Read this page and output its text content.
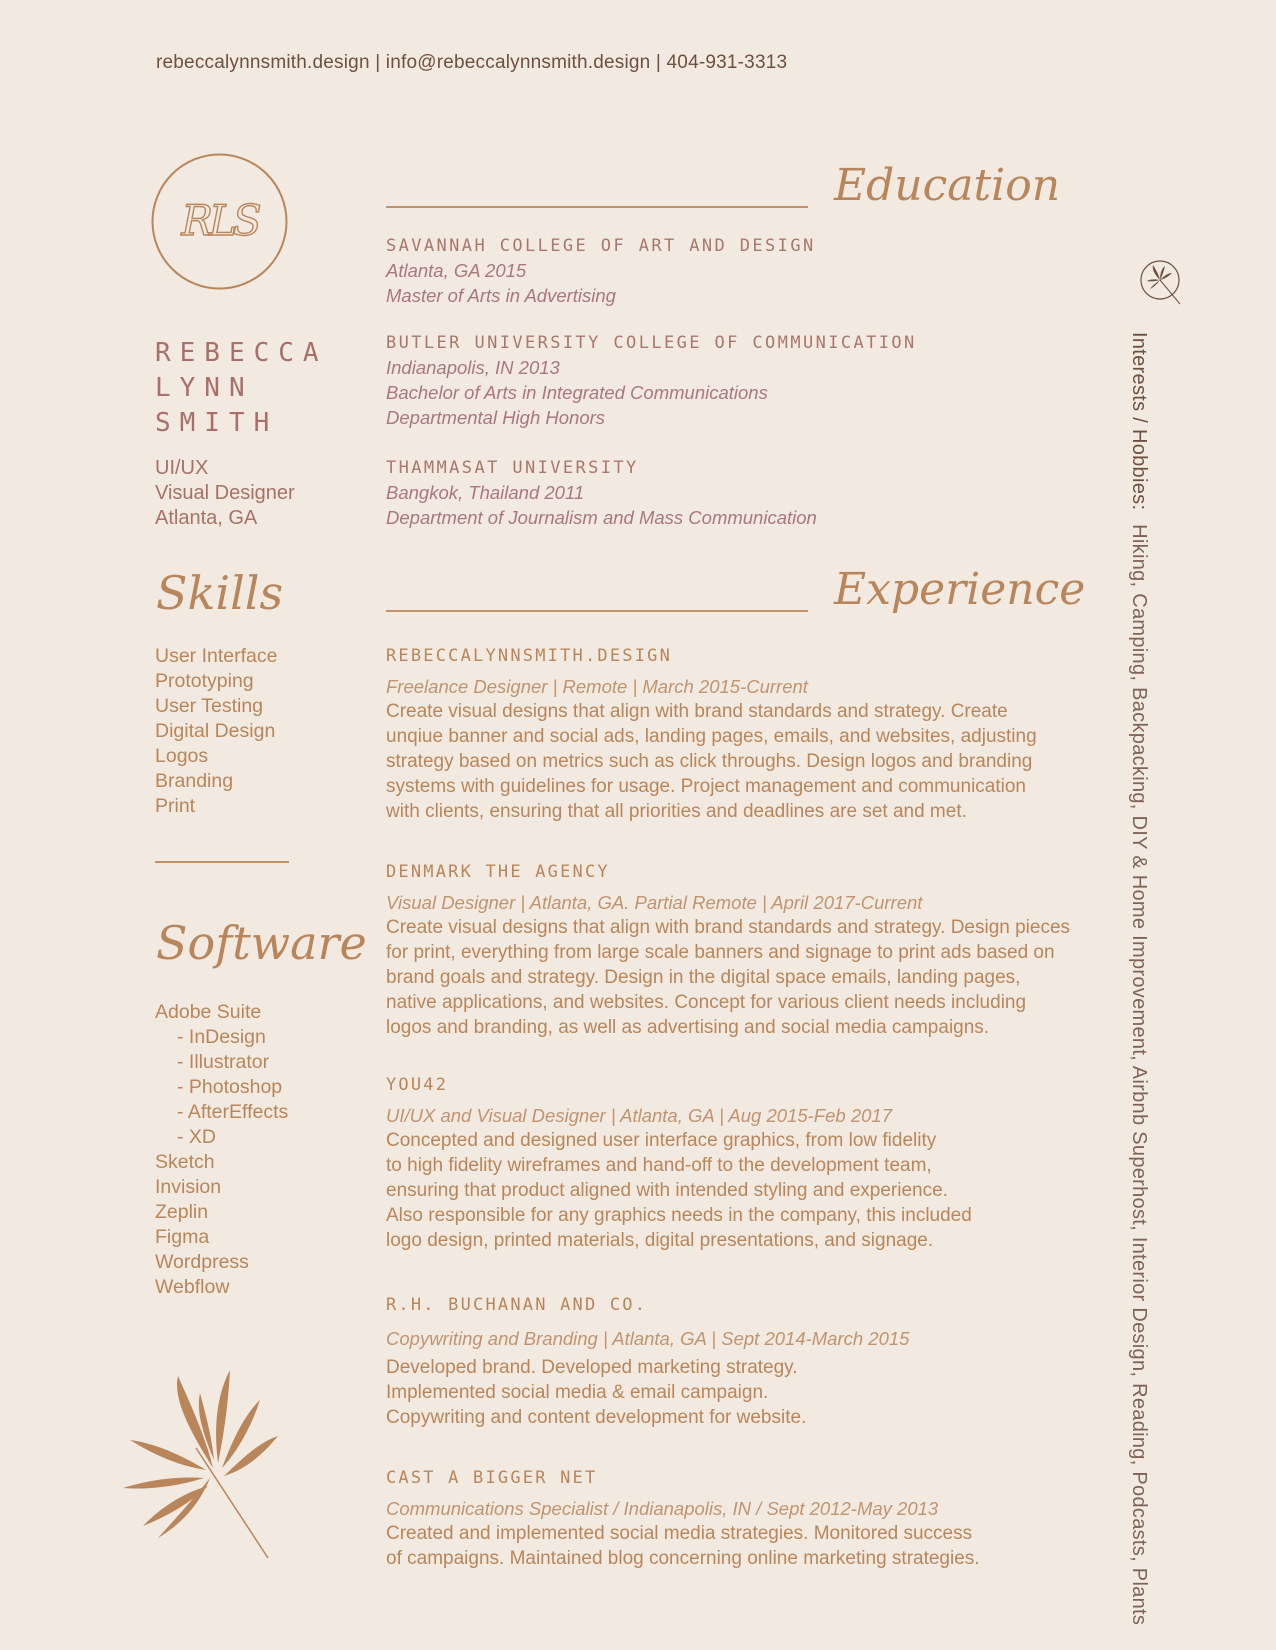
rebeccalynnsmith.design | info@rebeccalynnsmith.design | 404-931-3313
RLS
REBECCA
LYNN
SMITH
UI/UX
Visual Designer
Atlanta, GA
Skills
User Interface
Prototyping
User Testing
Digital Design
Logos
Branding
Print
Software
Adobe Suite
- InDesign
- Illustrator
- Photoshop
- AfterEffects
- XD
Sketch
Invision
Zeplin
Figma
Wordpress
Webflow
Education
SAVANNAH COLLEGE OF ART AND DESIGN
Atlanta, GA 2015
Master of Arts in Advertising
BUTLER UNIVERSITY COLLEGE OF COMMUNICATION
Indianapolis, IN 2013
Bachelor of Arts in Integrated Communications
Departmental High Honors
THAMMASAT UNIVERSITY
Bangkok, Thailand 2011
Department of Journalism and Mass Communication
Experience
REBECCALYNNSMITH.DESIGN
Freelance Designer | Remote | March 2015-Current
Create visual designs that align with brand standards and strategy. Create
unqiue banner and social ads, landing pages, emails, and websites, adjusting
strategy based on metrics such as click throughs. Design logos and branding
systems with guidelines for usage. Project management and communication
with clients, ensuring that all priorities and deadlines are set and met.
DENMARK THE AGENCY
Visual Designer | Atlanta, GA. Partial Remote | April 2017-Current
Create visual designs that align with brand standards and strategy. Design pieces
for print, everything from large scale banners and signage to print ads based on
brand goals and strategy. Design in the digital space emails, landing pages,
native applications, and websites. Concept for various client needs including
logos and branding, as well as advertising and social media campaigns.
YOU42
UI/UX and Visual Designer | Atlanta, GA | Aug 2015-Feb 2017
Concepted and designed user interface graphics, from low fidelity
to high fidelity wireframes and hand-off to the development team,
ensuring that product aligned with intended styling and experience.
Also responsible for any graphics needs in the company, this included
logo design, printed materials, digital presentations, and signage.
R.H. BUCHANAN AND CO.
Copywriting and Branding | Atlanta, GA | Sept 2014-March 2015
Developed brand. Developed marketing strategy.
Implemented social media & email campaign.
Copywriting and content development for website.
CAST A BIGGER NET
Communications Specialist / Indianapolis, IN / Sept 2012-May 2013
Created and implemented social media strategies. Monitored success
of campaigns. Maintained blog concerning online marketing strategies.
Interests / Hobbies: Hiking, Camping, Backpacking, DIY & Home Improvement, Airbnb Superhost, Interior Design, Reading, Podcasts, Plants
